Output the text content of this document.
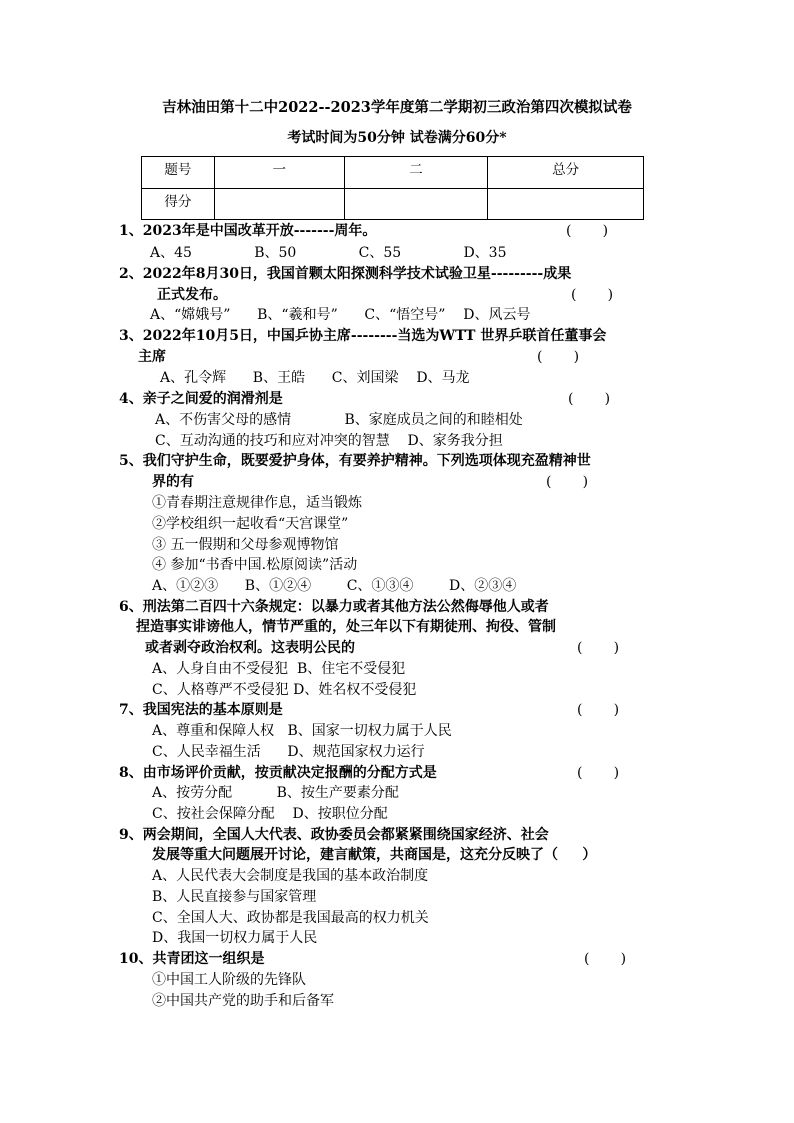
吉林油田第十二中2022--2023学年度第二学期初三政治第四次模拟试卷
考试时间为50分钟 试卷满分60分*
题号	一	二	总分
得分			
1、2023年是中国改革开放-------周年。	(       )
A、45              B、50              C、55              D、35
2、2022年8月30日，我国首颗太阳探测科学技术试验卫星---------成果
正式发布。	(       )
A、“嫦娥号”      B、“羲和号”      C、“悟空号”    D、风云号
3、2022年10月5日，中国乒协主席--------当选为WTT 世界乒联首任董事会
主席	(       )
A、孔令辉      B、王皓      C、刘国梁    D、马龙
4、亲子之间爱的润滑剂是	(       )
A、不伤害父母的感情            B、家庭成员之间的和睦相处
C、互动沟通的技巧和应对冲突的智慧    D、家务我分担
5、我们守护生命，既要爱护身体，有要养护精神。下列选项体现充盈精神世
界的有	(       )
①青春期注意规律作息，适当锻炼
②学校组织一起收看“天宫课堂”
③ 五一假期和父母参观博物馆
④ 参加“书香中国.松原阅读”活动
A、①②③      B、①②④        C、①③④        D、②③④
6、刑法第二百四十六条规定：以暴力或者其他方法公然侮辱他人或者
捏造事实诽谤他人，情节严重的，处三年以下有期徒刑、拘役、管制
或者剥夺政治权利。这表明公民的	(       )
A、人身自由不受侵犯  B、住宅不受侵犯
C、人格尊严不受侵犯 D、姓名权不受侵犯
7、我国宪法的基本原则是	(       )
A、尊重和保障人权   B、国家一切权力属于人民
C、人民幸福生活      D、规范国家权力运行
8、由市场评价贡献，按贡献决定报酬的分配方式是	(       )
A、按劳分配          B、按生产要素分配
C、按社会保障分配    D、按职位分配
9、两会期间，全国人大代表、政协委员会都紧紧围绕国家经济、社会
发展等重大问题展开讨论，建言献策，共商国是，这充分反映了（     ）
A、人民代表大会制度是我国的基本政治制度
B、人民直接参与国家管理
C、全国人大、政协都是我国最高的权力机关
D、我国一切权力属于人民
10、共青团这一组织是	(       )
①中国工人阶级的先锋队
②中国共产党的助手和后备军
